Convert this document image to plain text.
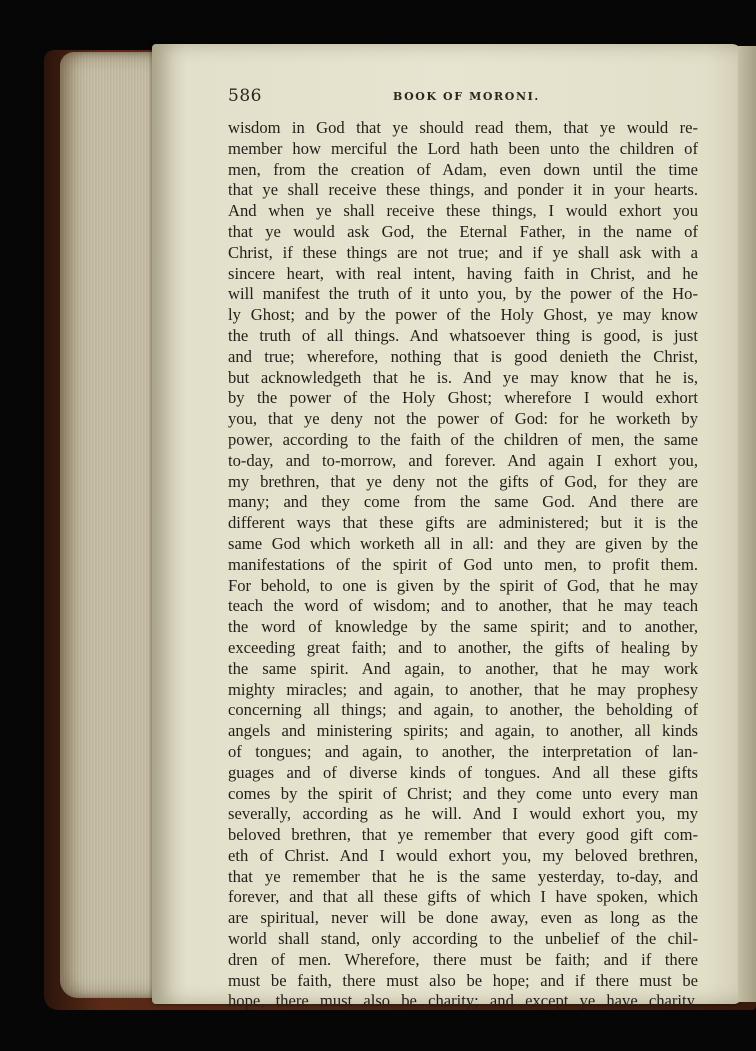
586	BOOK OF MORONI.
wisdom in God that ye should read them, that ye would re-
member how merciful the Lord hath been unto the children of
men, from the creation of Adam, even down until the time
that ye shall receive these things, and ponder it in your hearts.
And when ye shall receive these things, I would exhort you
that ye would ask God, the Eternal Father, in the name of
Christ, if these things are not true; and if ye shall ask with a
sincere heart, with real intent, having faith in Christ, and he
will manifest the truth of it unto you, by the power of the Ho-
ly Ghost; and by the power of the Holy Ghost, ye may know
the truth of all things. And whatsoever thing is good, is just
and true; wherefore, nothing that is good denieth the Christ,
but acknowledgeth that he is. And ye may know that he is,
by the power of the Holy Ghost; wherefore I would exhort
you, that ye deny not the power of God: for he worketh by
power, according to the faith of the children of men, the same
to-day, and to-morrow, and forever. And again I exhort you,
my brethren, that ye deny not the gifts of God, for they are
many; and they come from the same God. And there are
different ways that these gifts are administered; but it is the
same God which worketh all in all: and they are given by the
manifestations of the spirit of God unto men, to profit them.
For behold, to one is given by the spirit of God, that he may
teach the word of wisdom; and to another, that he may teach
the word of knowledge by the same spirit; and to another,
exceeding great faith; and to another, the gifts of healing by
the same spirit. And again, to another, that he may work
mighty miracles; and again, to another, that he may prophesy
concerning all things; and again, to another, the beholding of
angels and ministering spirits; and again, to another, all kinds
of tongues; and again, to another, the interpretation of lan-
guages and of diverse kinds of tongues. And all these gifts
comes by the spirit of Christ; and they come unto every man
severally, according as he will. And I would exhort you, my
beloved brethren, that ye remember that every good gift com-
eth of Christ. And I would exhort you, my beloved brethren,
that ye remember that he is the same yesterday, to-day, and
forever, and that all these gifts of which I have spoken, which
are spiritual, never will be done away, even as long as the
world shall stand, only according to the unbelief of the chil-
dren of men. Wherefore, there must be faith; and if there
must be faith, there must also be hope; and if there must be
hope, there must also be charity; and except ye have charity,
